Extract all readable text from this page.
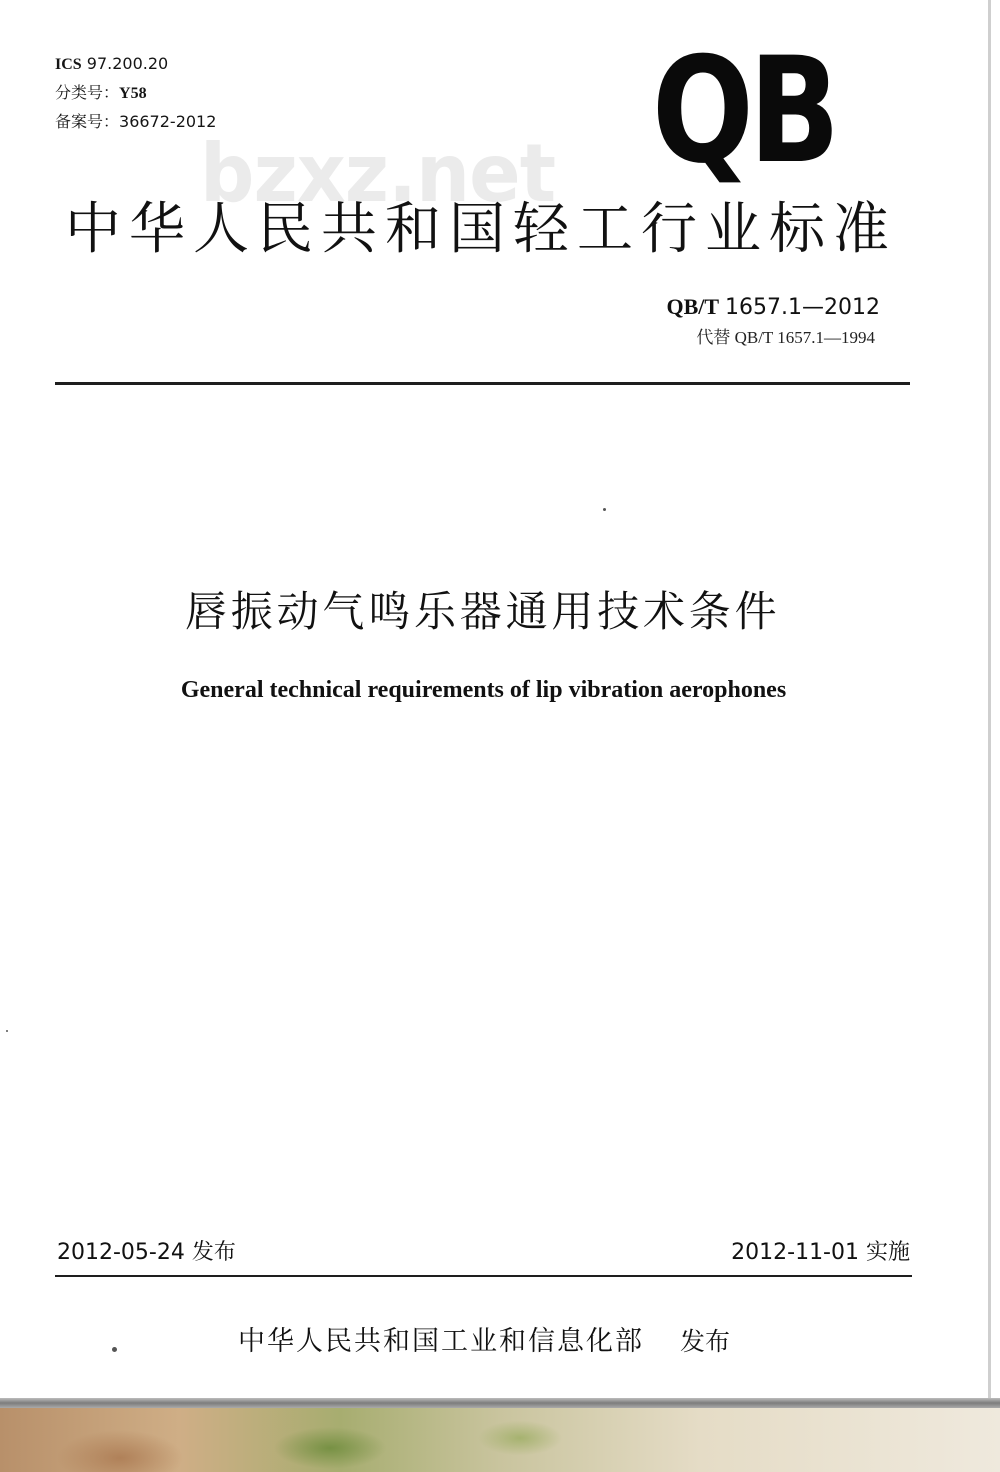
ICS 97.200.20
分类号：Y58
备案号：36672-2012	QB
bzxz.net
中华人民共和国轻工行业标准
QB/T 1657.1—2012
代替 QB/T 1657.1—1994
唇振动气鸣乐器通用技术条件
General technical requirements of lip vibration aerophones
2012-05-24 发布	2012-11-01 实施
中华人民共和国工业和信息化部 发布
